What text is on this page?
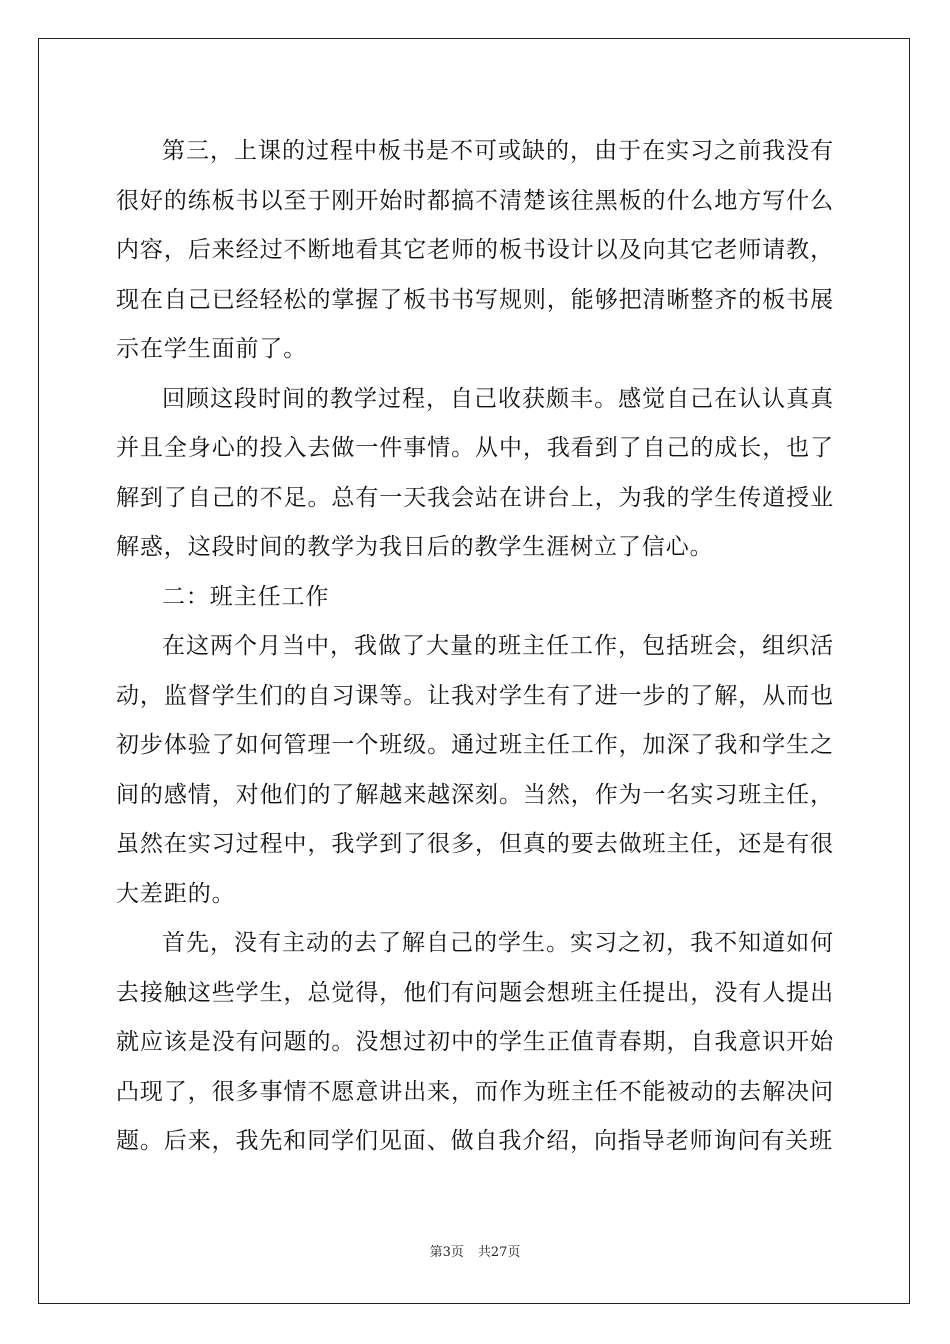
第三，上课的过程中板书是不可或缺的，由于在实习之前我没有很好的练板书以至于刚开始时都搞不清楚该往黑板的什么地方写什么内容，后来经过不断地看其它老师的板书设计以及向其它老师请教，现在自己已经轻松的掌握了板书书写规则，能够把清晰整齐的板书展示在学生面前了。

回顾这段时间的教学过程，自己收获颇丰。感觉自己在认认真真并且全身心的投入去做一件事情。从中，我看到了自己的成长，也了解到了自己的不足。总有一天我会站在讲台上，为我的学生传道授业解惑，这段时间的教学为我日后的教学生涯树立了信心。

二：班主任工作

在这两个月当中，我做了大量的班主任工作，包括班会，组织活动，监督学生们的自习课等。让我对学生有了进一步的了解，从而也初步体验了如何管理一个班级。通过班主任工作，加深了我和学生之间的感情，对他们的了解越来越深刻。当然，作为一名实习班主任，虽然在实习过程中，我学到了很多，但真的要去做班主任，还是有很大差距的。

首先，没有主动的去了解自己的学生。实习之初，我不知道如何去接触这些学生，总觉得，他们有问题会想班主任提出，没有人提出就应该是没有问题的。没想过初中的学生正值青春期，自我意识开始凸现了，很多事情不愿意讲出来，而作为班主任不能被动的去解决问题。后来，我先和同学们见面、做自我介绍，向指导老师询问有关班

第3页 共27页
